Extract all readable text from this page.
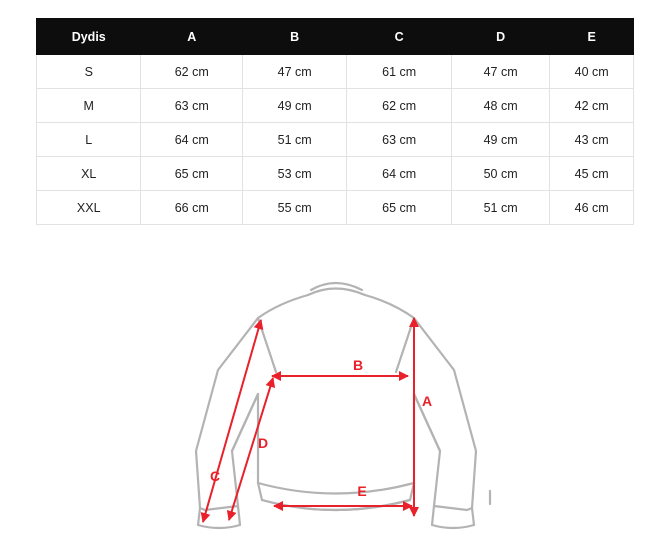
Dydis	A	B	C	D	E
S	62 cm	47 cm	61 cm	47 cm	40 cm
M	63 cm	49 cm	62 cm	48 cm	42 cm
L	64 cm	51 cm	63 cm	49 cm	43 cm
XL	65 cm	53 cm	64 cm	50 cm	45 cm
XXL	66 cm	55 cm	65 cm	51 cm	46 cm
A
B
C
D
E
